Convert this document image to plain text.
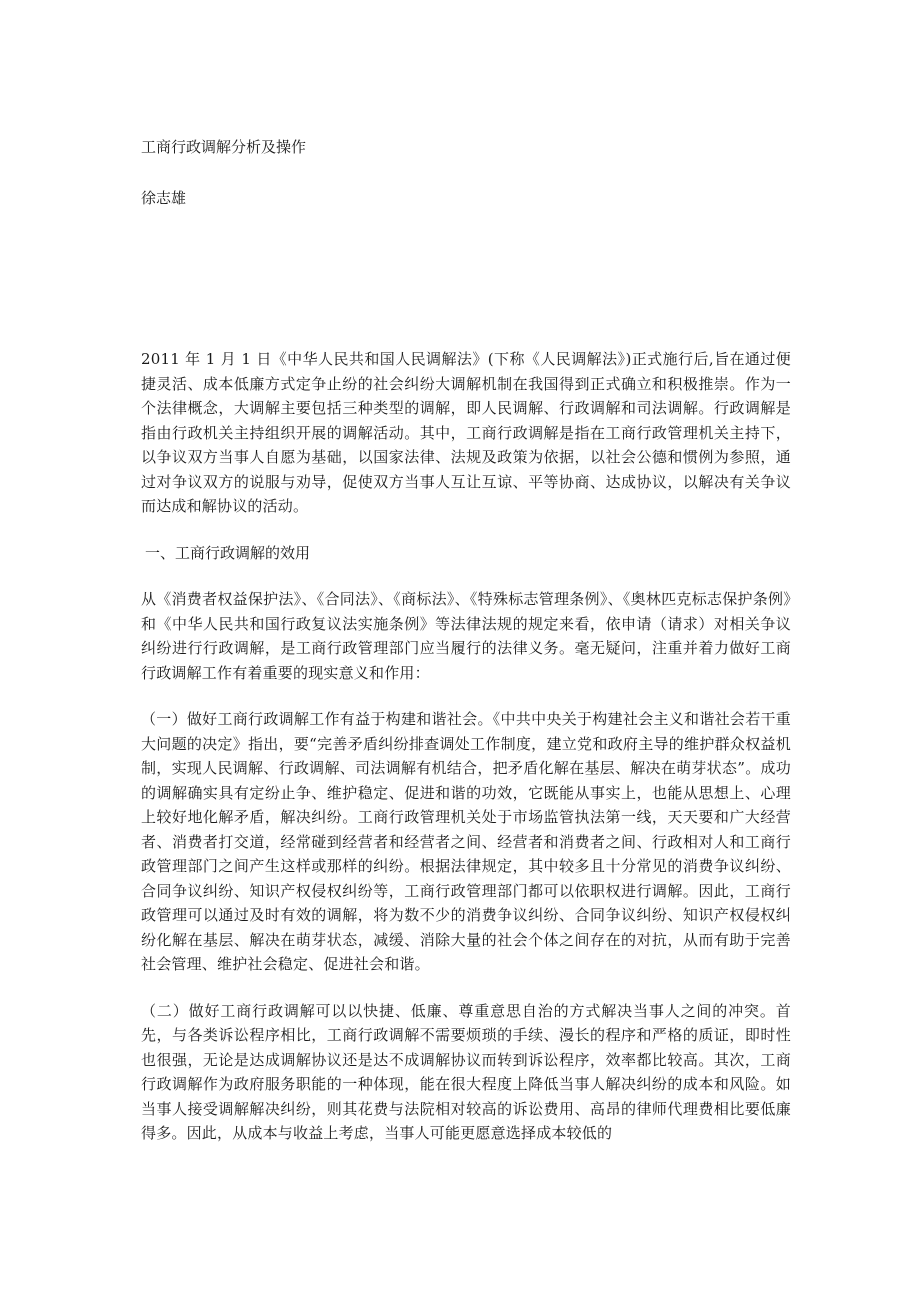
工商行政调解分析及操作

徐志雄

2011 年 1 月 1 日《中华人民共和国人民调解法》(下称《人民调解法》)正式施行后,旨在通过便捷灵活、成本低廉方式定争止纷的社会纠纷大调解机制在我国得到正式确立和积极推崇。作为一个法律概念，大调解主要包括三种类型的调解，即人民调解、行政调解和司法调解。行政调解是指由行政机关主持组织开展的调解活动。其中，工商行政调解是指在工商行政管理机关主持下，以争议双方当事人自愿为基础，以国家法律、法规及政策为依据，以社会公德和惯例为参照，通过对争议双方的说服与劝导，促使双方当事人互让互谅、平等协商、达成协议，以解决有关争议而达成和解协议的活动。

一、工商行政调解的效用

从《消费者权益保护法》、《合同法》、《商标法》、《特殊标志管理条例》、《奥林匹克标志保护条例》和《中华人民共和国行政复议法实施条例》等法律法规的规定来看，依申请（请求）对相关争议纠纷进行行政调解，是工商行政管理部门应当履行的法律义务。毫无疑问，注重并着力做好工商行政调解工作有着重要的现实意义和作用：

（一）做好工商行政调解工作有益于构建和谐社会。《中共中央关于构建社会主义和谐社会若干重大问题的决定》指出，要“完善矛盾纠纷排查调处工作制度，建立党和政府主导的维护群众权益机制，实现人民调解、行政调解、司法调解有机结合，把矛盾化解在基层、解决在萌芽状态”。成功的调解确实具有定纷止争、维护稳定、促进和谐的功效，它既能从事实上，也能从思想上、心理上较好地化解矛盾，解决纠纷。工商行政管理机关处于市场监管执法第一线，天天要和广大经营者、消费者打交道，经常碰到经营者和经营者之间、经营者和消费者之间、行政相对人和工商行政管理部门之间产生这样或那样的纠纷。根据法律规定，其中较多且十分常见的消费争议纠纷、合同争议纠纷、知识产权侵权纠纷等，工商行政管理部门都可以依职权进行调解。因此，工商行政管理可以通过及时有效的调解，将为数不少的消费争议纠纷、合同争议纠纷、知识产权侵权纠纷化解在基层、解决在萌芽状态，减缓、消除大量的社会个体之间存在的对抗，从而有助于完善社会管理、维护社会稳定、促进社会和谐。

（二）做好工商行政调解可以以快捷、低廉、尊重意思自治的方式解决当事人之间的冲突。首先，与各类诉讼程序相比，工商行政调解不需要烦琐的手续、漫长的程序和严格的质证，即时性也很强，无论是达成调解协议还是达不成调解协议而转到诉讼程序，效率都比较高。其次，工商行政调解作为政府服务职能的一种体现，能在很大程度上降低当事人解决纠纷的成本和风险。如当事人接受调解解决纠纷，则其花费与法院相对较高的诉讼费用、高昂的律师代理费相比要低廉得多。因此，从成本与收益上考虑，当事人可能更愿意选择成本较低的
